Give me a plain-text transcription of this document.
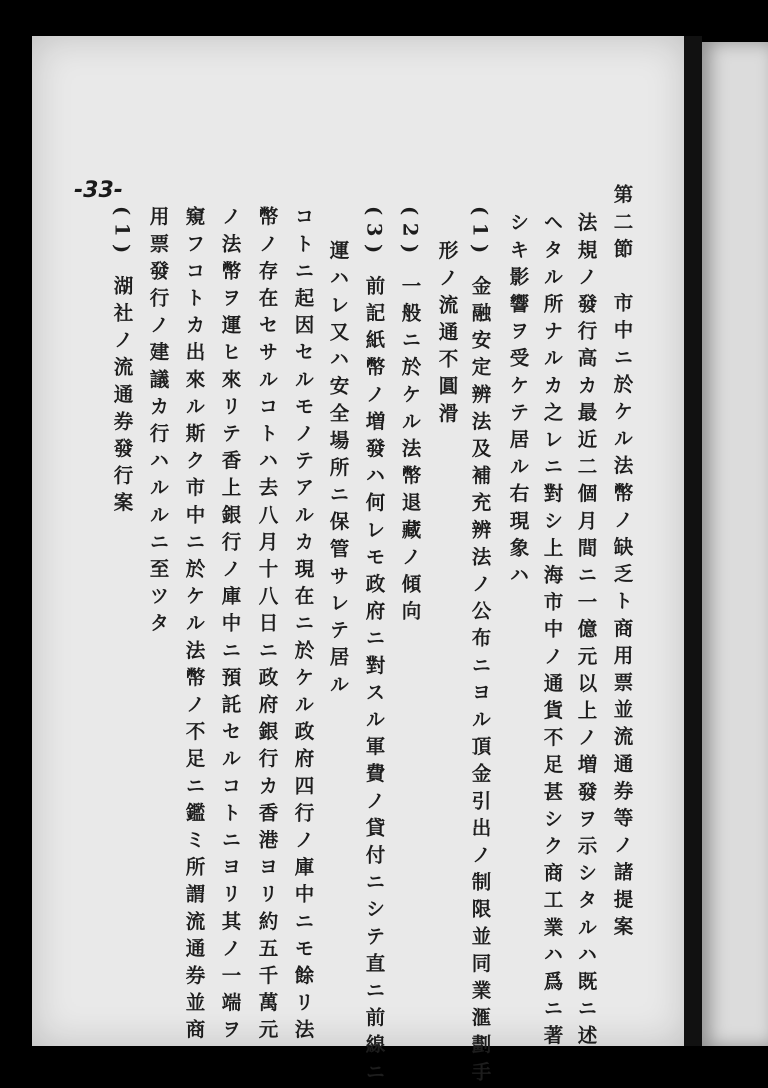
-33-	第二節　市中ニ於ケル法幣ノ缺乏ト商用票並流通券等ノ諸提案
法規ノ發行高カ最近二個月間ニ一億元以上ノ増發ヲ示シタルハ既ニ述
ヘタル所ナルカ之レニ對シ上海市中ノ通貨不足甚シク商工業ハ爲ニ著
シキ影響ヲ受ケテ居ル右現象ハ
(1) 金融安定辨法及補充辨法ノ公布ニヨル頂金引出ノ制限並同業滙劃手
形ノ流通不圓滑
(2) 一般ニ於ケル法幣退藏ノ傾向
(3) 前記紙幣ノ増發ハ何レモ政府ニ對スル軍費ノ貸付ニシテ直ニ前線ニ
運ハレ又ハ安全場所ニ保管サレテ居ル
コトニ起因セルモノテアルカ現在ニ於ケル政府四行ノ庫中ニモ餘リ法
幣ノ存在セサルコトハ去八月十八日ニ政府銀行カ香港ヨリ約五千萬元
ノ法幣ヲ運ヒ來リテ香上銀行ノ庫中ニ預託セルコトニヨリ其ノ一端ヲ
窺フコトカ出來ル斯ク市中ニ於ケル法幣ノ不足ニ鑑ミ所謂流通券並商
用票發行ノ建議カ行ハルルニ至ツタ
(1) 湖社ノ流通券發行案
